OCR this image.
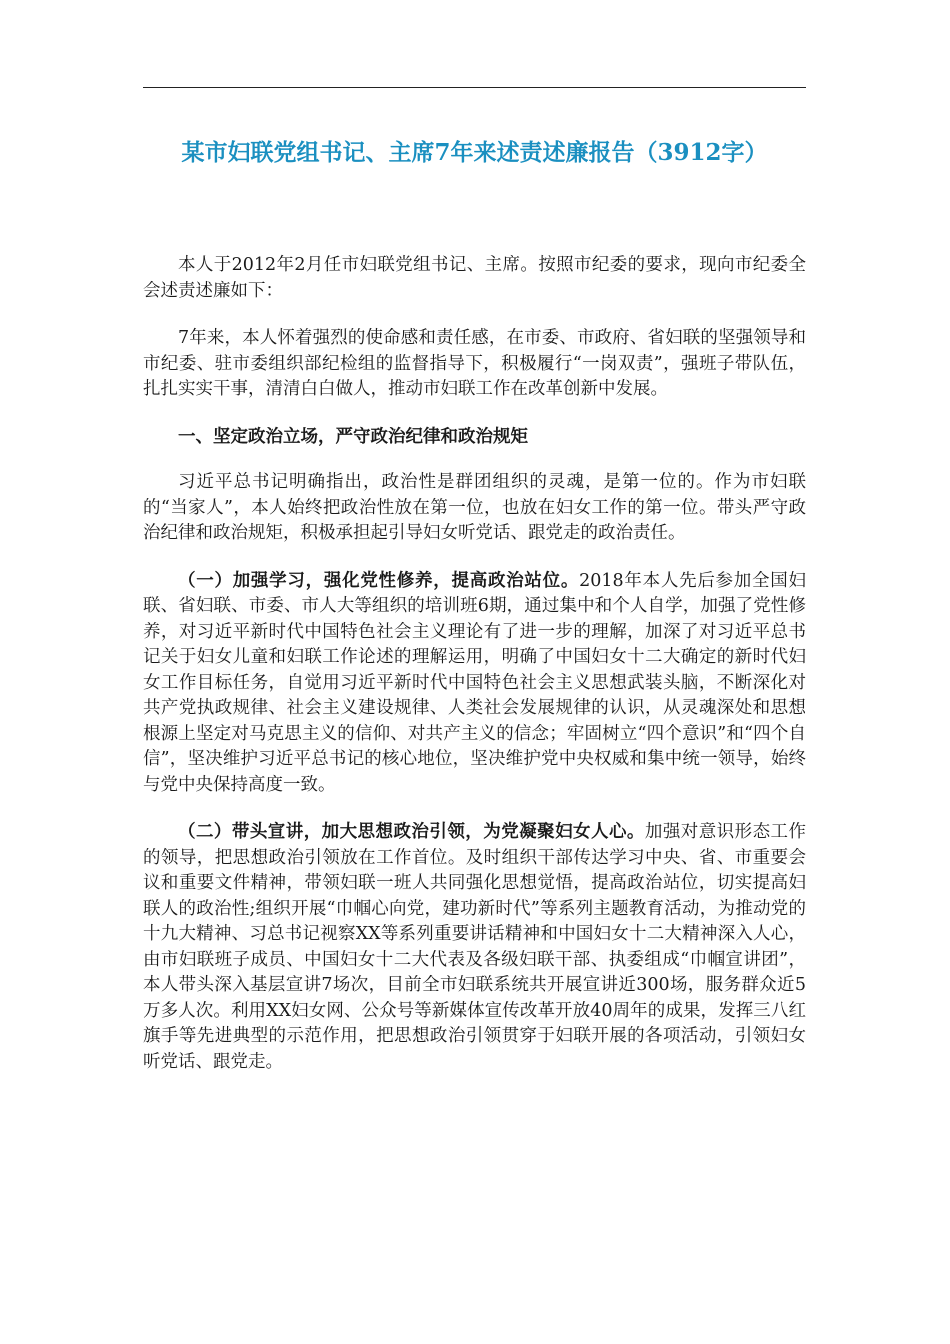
某市妇联党组书记、主席7年来述责述廉报告（3912字）

本人于2012年2月任市妇联党组书记、主席。按照市纪委的要求，现向市纪委全会述责述廉如下：

7年来，本人怀着强烈的使命感和责任感，在市委、市政府、省妇联的坚强领导和市纪委、驻市委组织部纪检组的监督指导下，积极履行“一岗双责”，强班子带队伍，扎扎实实干事，清清白白做人，推动市妇联工作在改革创新中发展。

一、坚定政治立场，严守政治纪律和政治规矩

习近平总书记明确指出，政治性是群团组织的灵魂，是第一位的。作为市妇联的“当家人”，本人始终把政治性放在第一位，也放在妇女工作的第一位。带头严守政治纪律和政治规矩，积极承担起引导妇女听党话、跟党走的政治责任。

（一）加强学习，强化党性修养，提高政治站位。2018年本人先后参加全国妇联、省妇联、市委、市人大等组织的培训班6期，通过集中和个人自学，加强了党性修养，对习近平新时代中国特色社会主义理论有了进一步的理解，加深了对习近平总书记关于妇女儿童和妇联工作论述的理解运用，明确了中国妇女十二大确定的新时代妇女工作目标任务，自觉用习近平新时代中国特色社会主义思想武装头脑，不断深化对共产党执政规律、社会主义建设规律、人类社会发展规律的认识，从灵魂深处和思想根源上坚定对马克思主义的信仰、对共产主义的信念；牢固树立“四个意识”和“四个自信”，坚决维护习近平总书记的核心地位，坚决维护党中央权威和集中统一领导，始终与党中央保持高度一致。

（二）带头宣讲，加大思想政治引领，为党凝聚妇女人心。加强对意识形态工作的领导，把思想政治引领放在工作首位。及时组织干部传达学习中央、省、市重要会议和重要文件精神，带领妇联一班人共同强化思想觉悟，提高政治站位，切实提高妇联人的政治性;组织开展“巾帼心向党，建功新时代”等系列主题教育活动，为推动党的十九大精神、习总书记视察XX等系列重要讲话精神和中国妇女十二大精神深入人心，由市妇联班子成员、中国妇女十二大代表及各级妇联干部、执委组成“巾帼宣讲团”，本人带头深入基层宣讲7场次，目前全市妇联系统共开展宣讲近300场，服务群众近5万多人次。利用XX妇女网、公众号等新媒体宣传改革开放40周年的成果，发挥三八红旗手等先进典型的示范作用，把思想政治引领贯穿于妇联开展的各项活动，引领妇女听党话、跟党走。
